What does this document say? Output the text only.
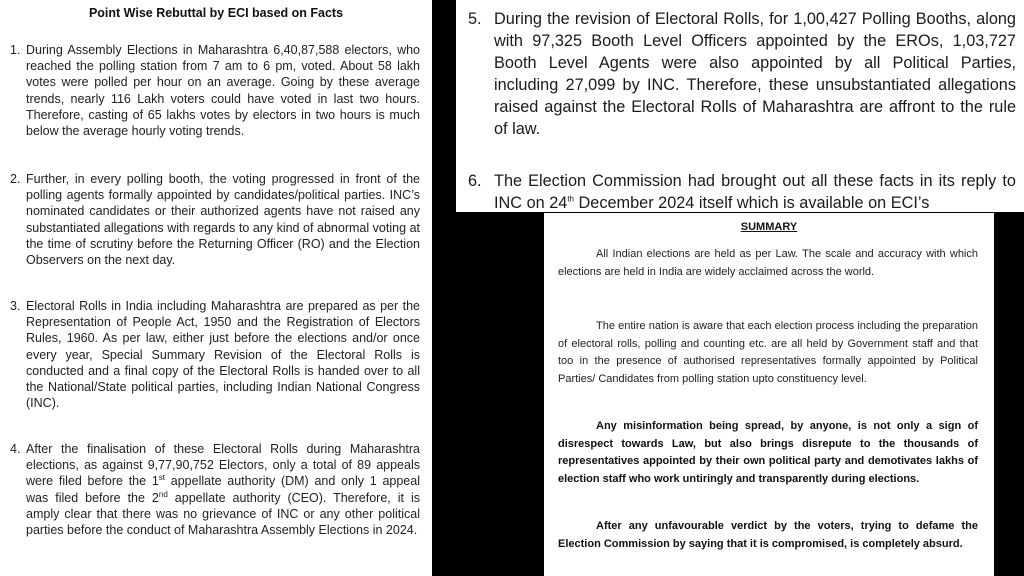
Point Wise Rebuttal by ECI based on Facts
1. During Assembly Elections in Maharashtra 6,40,87,588 electors, who reached the polling station from 7 am to 6 pm, voted. About 58 lakh votes were polled per hour on an average. Going by these average trends, nearly 116 Lakh voters could have voted in last two hours. Therefore, casting of 65 lakhs votes by electors in two hours is much below the average hourly voting trends.
2. Further, in every polling booth, the voting progressed in front of the polling agents formally appointed by candidates/political parties. INC’s nominated candidates or their authorized agents have not raised any substantiated allegations with regards to any kind of abnormal voting at the time of scrutiny before the Returning Officer (RO) and the Election Observers on the next day.
3. Electoral Rolls in India including Maharashtra are prepared as per the Representation of People Act, 1950 and the Registration of Electors Rules, 1960. As per law, either just before the elections and/or once every year, Special Summary Revision of the Electoral Rolls is conducted and a final copy of the Electoral Rolls is handed over to all the National/State political parties, including Indian National Congress (INC).
4. After the finalisation of these Electoral Rolls during Maharashtra elections, as against 9,77,90,752 Electors, only a total of 89 appeals were filed before the 1st appellate authority (DM) and only 1 appeal was filed before the 2nd appellate authority (CEO). Therefore, it is amply clear that there was no grievance of INC or any other political parties before the conduct of Maharashtra Assembly Elections in 2024.
5. During the revision of Electoral Rolls, for 1,00,427 Polling Booths, along with 97,325 Booth Level Officers appointed by the EROs, 1,03,727 Booth Level Agents were also appointed by all Political Parties, including 27,099 by INC. Therefore, these unsubstantiated allegations raised against the Electoral Rolls of Maharashtra are affront to the rule of law.
6. The Election Commission had brought out all these facts in its reply to INC on 24th December 2024 itself which is available on ECI’s
SUMMARY
All Indian elections are held as per Law. The scale and accuracy with which elections are held in India are widely acclaimed across the world.
The entire nation is aware that each election process including the preparation of electoral rolls, polling and counting etc. are all held by Government staff and that too in the presence of authorised representatives formally appointed by Political Parties/ Candidates from polling station upto constituency level.
Any misinformation being spread, by anyone, is not only a sign of disrespect towards Law, but also brings disrepute to the thousands of representatives appointed by their own political party and demotivates lakhs of election staff who work untiringly and transparently during elections.
After any unfavourable verdict by the voters, trying to defame the Election Commission by saying that it is compromised, is completely absurd.
